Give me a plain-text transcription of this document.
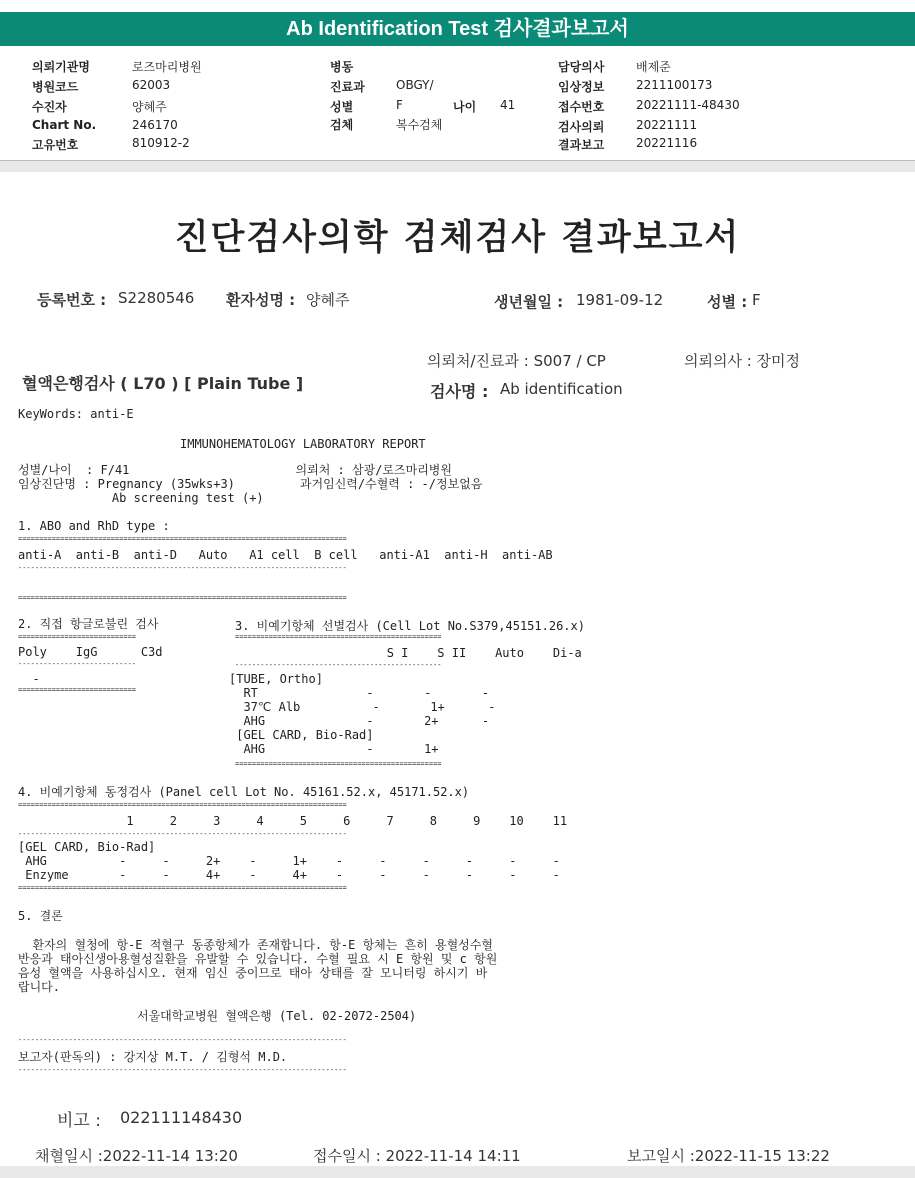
Ab Identification Test 검사결과보고서
의뢰기관명	로즈마리병원
병원코드	62003
수진자	양혜주
Chart No.	246170
고유번호	810912-2
병동
진료과	OBGY/
성별	F	나이 41
검체	복수검체
담당의사	배제준
임상정보	2211100173
접수번호	20221111-48430
검사의뢰	20221111
결과보고	20221116
진단검사의학 검체검사 결과보고서
등록번호 : S2280546 환자성명 : 양혜주	생년월일 : 1981-09-12	성별 : F
의뢰처/진료과 : S007 / CP	의뢰의사 : 장미정
혈액은행검사 ( L70 ) [ Plain Tube ]	검사명 : Ab identification
KeyWords: anti-E
IMMUNOHEMATOLOGY LABORATORY REPORT
성별/나이  : F/41                       의뢰처 : 삼광/로즈마리병원
임상진단명 : Pregnancy (35wks+3)         과거임신력/수혈력 : -/정보없음
Ab screening test (+)
1. ABO and RhD type :
==============================================================================
anti-A  anti-B  anti-D   Auto   A1 cell  B cell   anti-A1  anti-H  anti-AB
------------------------------------------------------------------------------
==============================================================================
2. 직접 항글로불린 검사	3. 비예기항체 선별검사 (Cell Lot No.S379,45151.26.x)
============================
Poly    IgG      C3d
----------------------------
-
============================
=================================================
S I    S II    Auto    Di-a
-------------------------------------------------
[TUBE, Ortho]
RT               -       -       -
37℃ Alb          -       1+      -
AHG              -       2+      -
[GEL CARD, Bio-Rad]
AHG              -       1+
=================================================
4. 비예기항체 동정검사 (Panel cell Lot No. 45161.52.x, 45171.52.x)
==============================================================================
1     2     3     4     5     6     7     8     9    10    11
------------------------------------------------------------------------------
[GEL CARD, Bio-Rad]
AHG          -     -     2+    -     1+    -     -     -     -     -     -
Enzyme       -     -     4+    -     4+    -     -     -     -     -     -
==============================================================================
5. 결론
환자의 혈청에 항-E 적혈구 동종항체가 존재합니다. 항-E 항체는 흔히 용혈성수혈
반응과 태아신생아용혈성질환을 유발할 수 있습니다. 수혈 필요 시 E 항원 및 c 항원
음성 혈액을 사용하십시오. 현재 임신 중이므로 태아 상태를 잘 모니터링 하시기 바
랍니다.
서울대학교병원 혈액은행 (Tel. 02-2072-2504)
------------------------------------------------------------------------------
보고자(판독의) : 강지상 M.T. / 김형석 M.D.
------------------------------------------------------------------------------
비고 : 022111148430
채혈일시 :2022-11-14 13:20	접수일시 : 2022-11-14 14:11	보고일시 :2022-11-15 13:22
